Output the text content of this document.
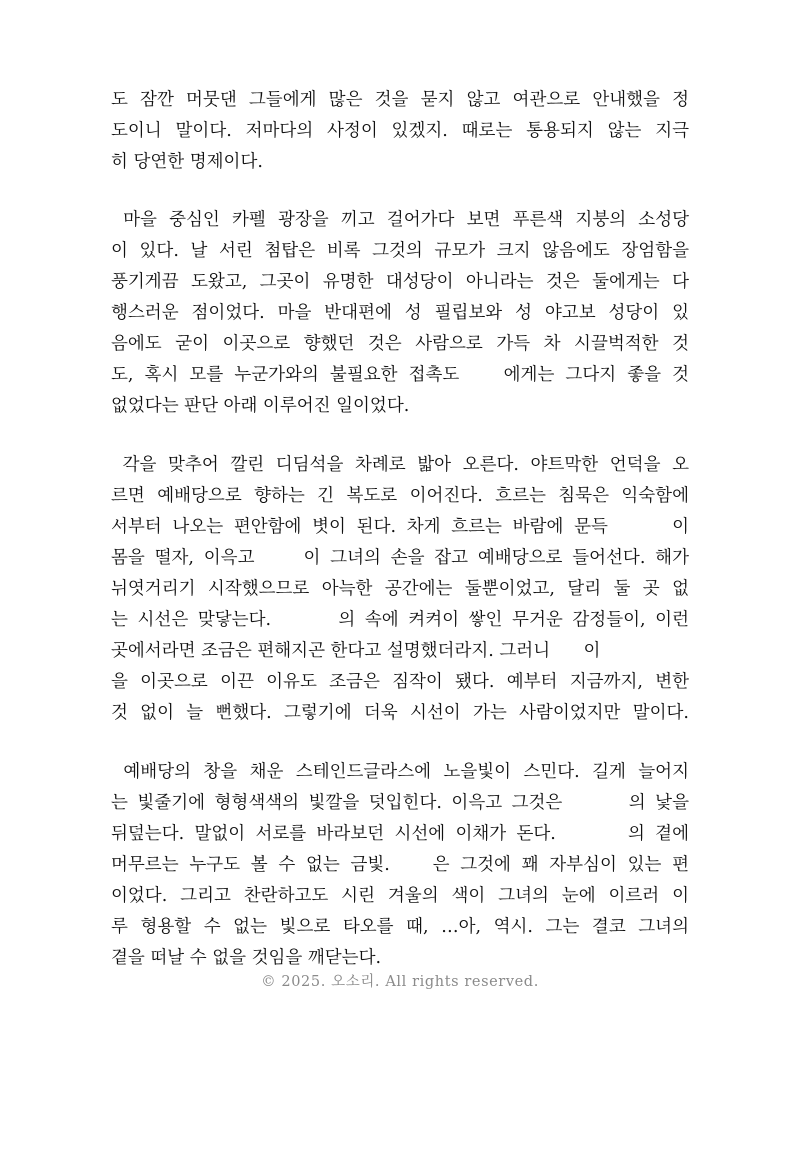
도 잠깐 머뭇댄 그들에게 많은 것을 묻지 않고 여관으로 안내했을 정
도이니 말이다. 저마다의 사정이 있겠지. 때로는 통용되지 않는 지극
히 당연한 명제이다.
마을 중심인 카펠 광장을 끼고 걸어가다 보면 푸른색 지붕의 소성당
이 있다. 날 서린 첨탑은 비록 그것의 규모가 크지 않음에도 장엄함을
풍기게끔 도왔고, 그곳이 유명한 대성당이 아니라는 것은 둘에게는 다
행스러운 점이었다. 마을 반대편에 성 필립보와 성 야고보 성당이 있
음에도 굳이 이곳으로 향했던 것은 사람으로 가득 차 시끌벅적한 것
도, 혹시 모를 누군가와의 불필요한 접촉도    에게는 그다지 좋을 것
없었다는 판단 아래 이루어진 일이었다.
각을 맞추어 깔린 디딤석을 차례로 밟아 오른다. 야트막한 언덕을 오
르면 예배당으로 향하는 긴 복도로 이어진다. 흐르는 침묵은 익숙함에
서부터 나오는 편안함에 볏이 된다. 차게 흐르는 바람에 문득      이
몸을 떨자, 이윽고     이 그녀의 손을 잡고 예배당으로 들어선다. 해가
뉘엿거리기 시작했으므로 아늑한 공간에는 둘뿐이었고, 달리 둘 곳 없
는 시선은 맞닿는다.       의 속에 켜켜이 쌓인 무거운 감정들이, 이런
곳에서라면 조금은 편해지곤 한다고 설명했더라지. 그러니      이
을 이곳으로 이끈 이유도 조금은 짐작이 됐다. 예부터 지금까지, 변한
것 없이 늘 뻔했다. 그렇기에 더욱 시선이 가는 사람이었지만 말이다.
예배당의 창을 채운 스테인드글라스에 노을빛이 스민다. 길게 늘어지
는 빛줄기에 형형색색의 빛깔을 덧입힌다. 이윽고 그것은       의 낯을
뒤덮는다. 말없이 서로를 바라보던 시선에 이채가 돈다.       의 곁에
머무르는 누구도 볼 수 없는 금빛.    은 그것에 꽤 자부심이 있는 편
이었다. 그리고 찬란하고도 시린 겨울의 색이 그녀의 눈에 이르러 이
루 형용할 수 없는 빛으로 타오를 때, …아, 역시. 그는 결코 그녀의
곁을 떠날 수 없을 것임을 깨닫는다.
© 2025. 오소리. All rights reserved.
